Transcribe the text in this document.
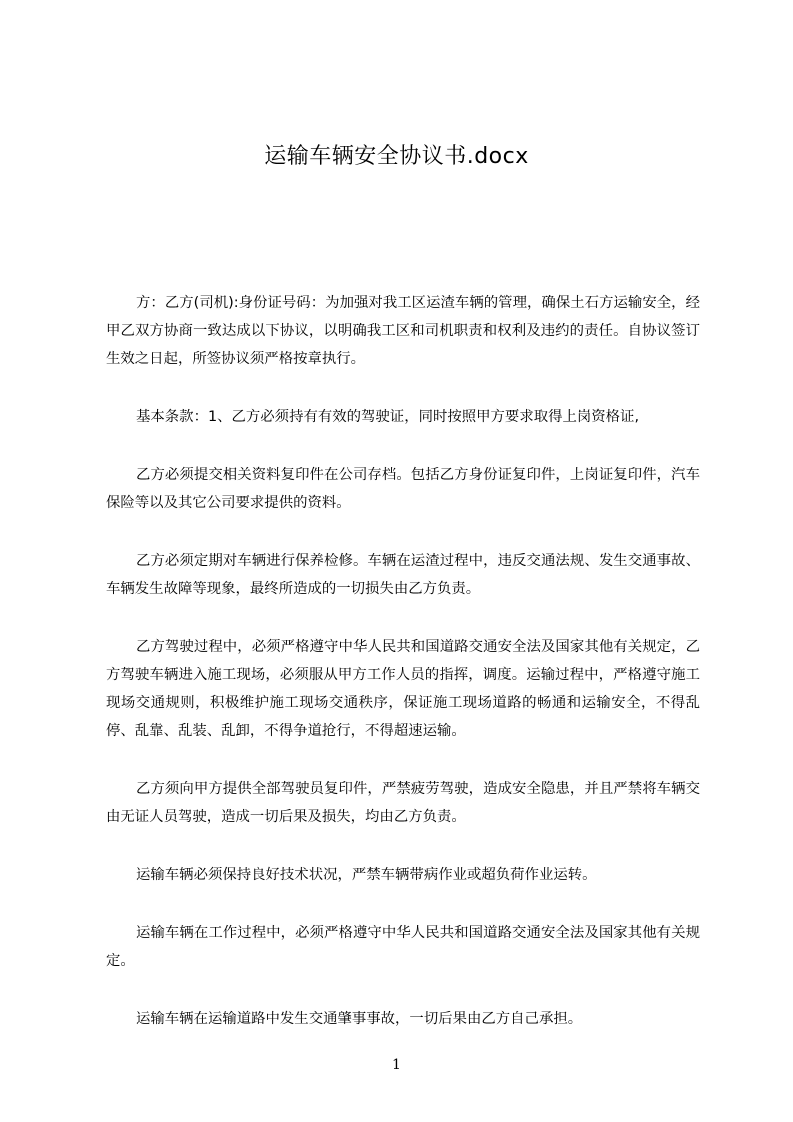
运输车辆安全协议书.docx

方：乙方(司机):身份证号码：为加强对我工区运渣车辆的管理，确保土石方运输安全，经甲乙双方协商一致达成以下协议，以明确我工区和司机职责和权利及违约的责任。自协议签订生效之日起，所签协议须严格按章执行。

基本条款：1、乙方必须持有有效的驾驶证，同时按照甲方要求取得上岗资格证,

乙方必须提交相关资料复印件在公司存档。包括乙方身份证复印件，上岗证复印件，汽车保险等以及其它公司要求提供的资料。

乙方必须定期对车辆进行保养检修。车辆在运渣过程中，违反交通法规、发生交通事故、车辆发生故障等现象，最终所造成的一切损失由乙方负责。

乙方驾驶过程中，必须严格遵守中华人民共和国道路交通安全法及国家其他有关规定，乙方驾驶车辆进入施工现场，必须服从甲方工作人员的指挥，调度。运输过程中，严格遵守施工现场交通规则，积极维护施工现场交通秩序，保证施工现场道路的畅通和运输安全，不得乱停、乱靠、乱装、乱卸，不得争道抢行，不得超速运输。

乙方须向甲方提供全部驾驶员复印件，严禁疲劳驾驶，造成安全隐患，并且严禁将车辆交由无证人员驾驶，造成一切后果及损失，均由乙方负责。

运输车辆必须保持良好技术状况，严禁车辆带病作业或超负荷作业运转。

运输车辆在工作过程中，必须严格遵守中华人民共和国道路交通安全法及国家其他有关规定。

运输车辆在运输道路中发生交通肇事事故，一切后果由乙方自己承担。

1
